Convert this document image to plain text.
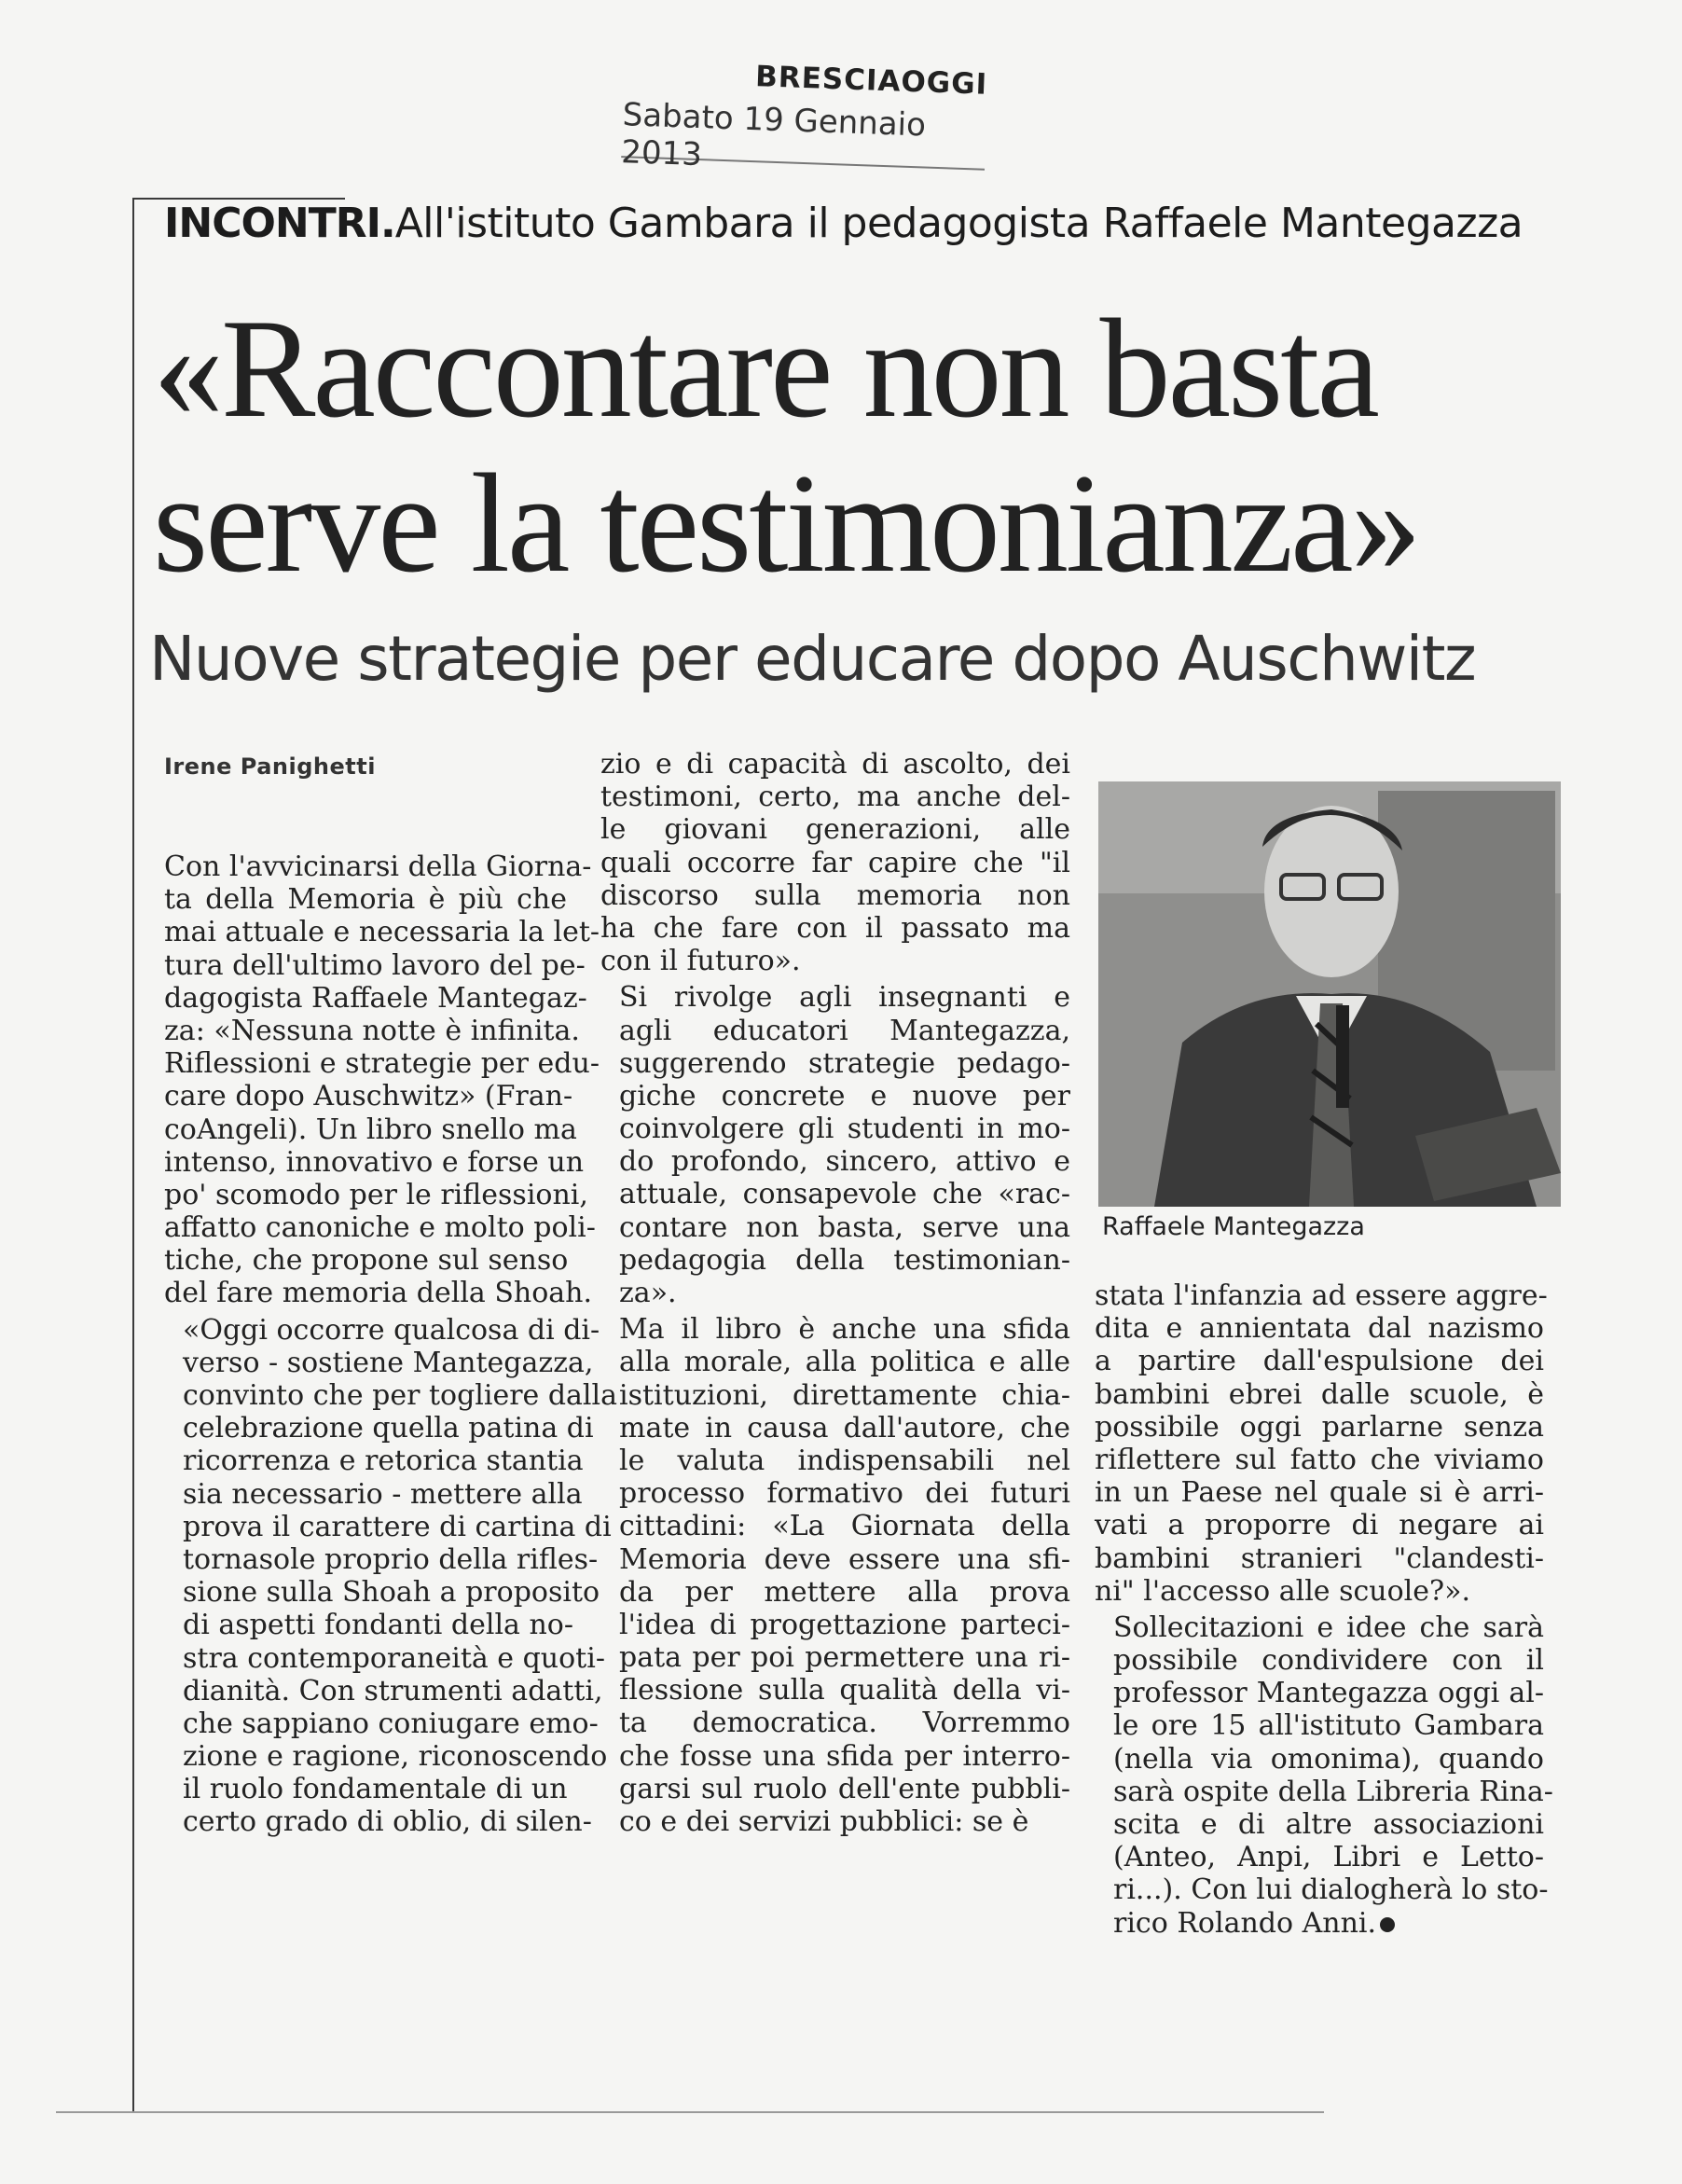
BRESCIAOGGI
Sabato 19 Gennaio 2013
INCONTRI.All'istituto Gambara il pedagogista Raffaele Mantegazza
«Raccontare non basta
serve la testimonianza»
Nuove strategie per educare dopo Auschwitz
Irene Panighetti

Con l'avvicinarsi della Giorna-
ta della Memoria è più che
mai attuale e necessaria la let-
tura dell'ultimo lavoro del pe-
dagogista Raffaele Mantegaz-
za: «Nessuna notte è infinita.
Riflessioni e strategie per edu-
care dopo Auschwitz» (Fran-
coAngeli). Un libro snello ma
intenso, innovativo e forse un
po' scomodo per le riflessioni,
affatto canoniche e molto poli-
tiche, che propone sul senso
del fare memoria della Shoah.

«Oggi occorre qualcosa di di-
verso - sostiene Mantegazza,
convinto che per togliere dalla
celebrazione quella patina di
ricorrenza e retorica stantia
sia necessario - mettere alla
prova il carattere di cartina di
tornasole proprio della rifles-
sione sulla Shoah a proposito
di aspetti fondanti della no-
stra contemporaneità e quoti-
dianità. Con strumenti adatti,
che sappiano coniugare emo-
zione e ragione, riconoscendo
il ruolo fondamentale di un
certo grado di oblio, di silen-

zio e di capacità di ascolto, dei
testimoni, certo, ma anche del-
le giovani generazioni, alle
quali occorre far capire che "il
discorso sulla memoria non
ha che fare con il passato ma
con il futuro».

Si rivolge agli insegnanti e
agli educatori Mantegazza,
suggerendo strategie pedago-
giche concrete e nuove per
coinvolgere gli studenti in mo-
do profondo, sincero, attivo e
attuale, consapevole che «rac-
contare non basta, serve una
pedagogia della testimonian-
za».

Ma il libro è anche una sfida
alla morale, alla politica e alle
istituzioni, direttamente chia-
mate in causa dall'autore, che
le valuta indispensabili nel
processo formativo dei futuri
cittadini: «La Giornata della
Memoria deve essere una sfi-
da per mettere alla prova
l'idea di progettazione parteci-
pata per poi permettere una ri-
flessione sulla qualità della vi-
ta democratica. Vorremmo
che fosse una sfida per interro-
garsi sul ruolo dell'ente pubbli-
co e dei servizi pubblici: se è

Raffaele Mantegazza

stata l'infanzia ad essere aggre-
dita e annientata dal nazismo
a partire dall'espulsione dei
bambini ebrei dalle scuole, è
possibile oggi parlarne senza
riflettere sul fatto che viviamo
in un Paese nel quale si è arri-
vati a proporre di negare ai
bambini stranieri "clandesti-
ni" l'accesso alle scuole?».

Sollecitazioni e idee che sarà
possibile condividere con il
professor Mantegazza oggi al-
le ore 15 all'istituto Gambara
(nella via omonima), quando
sarà ospite della Libreria Rina-
scita e di altre associazioni
(Anteo, Anpi, Libri e Letto-
ri...). Con lui dialogherà lo sto-
rico Rolando Anni.
